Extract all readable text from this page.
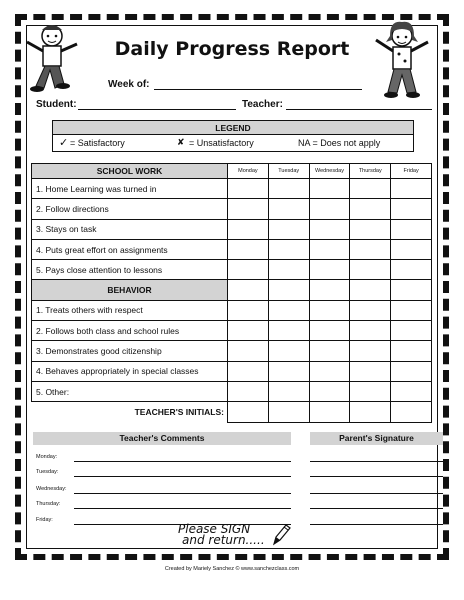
Daily Progress Report
Week of:
Student:	Teacher:
LEGEND
✓ = Satisfactory	✘ = Unsatisfactory	NA = Does not apply
SCHOOL WORK	Monday	Tuesday	Wednesday	Thursday	Friday
1. Home Learning was turned in					
2. Follow directions					
3. Stays on task					
4. Puts great effort on assignments					
5. Pays close attention to lessons					
BEHAVIOR					
1. Treats others with respect					
2. Follows both class and school rules					
3. Demonstrates good citizenship					
4. Behaves appropriately in special classes					
5. Other:					
TEACHER'S INITIALS:					
Teacher's Comments	Parent's Signature
Monday:
Tuesday:
Wednesday:
Thursday:
Friday:
Please SIGN
and return.....
Created by Mariely Sanchez © www.sanchezclass.com
